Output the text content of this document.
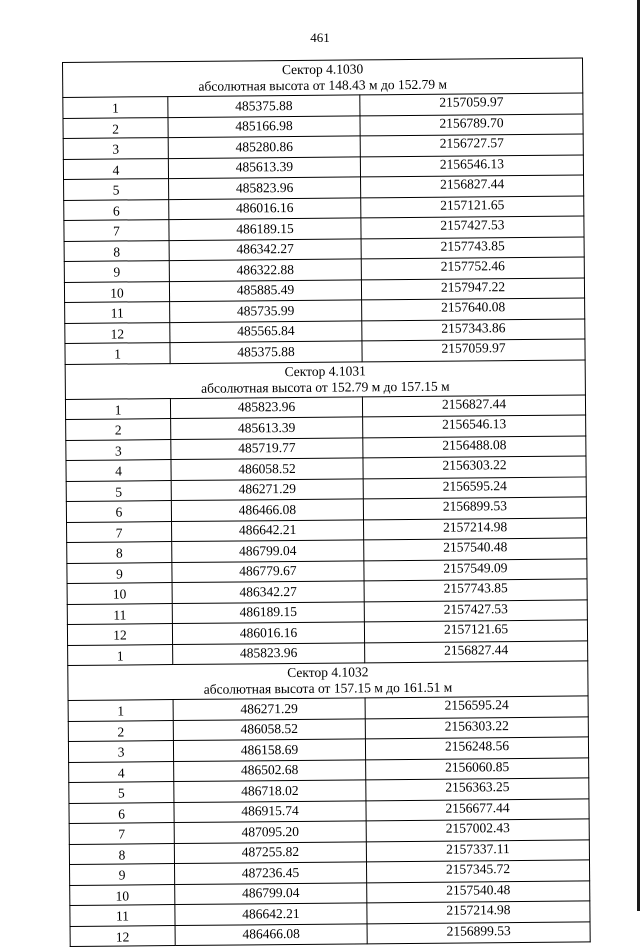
461
Сектор 4.1030
абсолютная высота от 148.43 м до 152.79 м		

1	485375.88	2157059.97
2	485166.98	2156789.70
3	485280.86	2156727.57
4	485613.39	2156546.13
5	485823.96	2156827.44
6	486016.16	2157121.65
7	486189.15	2157427.53
8	486342.27	2157743.85
9	486322.88	2157752.46
10	485885.49	2157947.22
11	485735.99	2157640.08
12	485565.84	2157343.86
1	485375.88	2157059.97

Сектор 4.1031
абсолютная высота от 152.79 м до 157.15 м		

1	485823.96	2156827.44
2	485613.39	2156546.13
3	485719.77	2156488.08
4	486058.52	2156303.22
5	486271.29	2156595.24
6	486466.08	2156899.53
7	486642.21	2157214.98
8	486799.04	2157540.48
9	486779.67	2157549.09
10	486342.27	2157743.85
11	486189.15	2157427.53
12	486016.16	2157121.65
1	485823.96	2156827.44

Сектор 4.1032
абсолютная высота от 157.15 м до 161.51 м		

1	486271.29	2156595.24
2	486058.52	2156303.22
3	486158.69	2156248.56
4	486502.68	2156060.85
5	486718.02	2156363.25
6	486915.74	2156677.44
7	487095.20	2157002.43
8	487255.82	2157337.11
9	487236.45	2157345.72
10	486799.04	2157540.48
11	486642.21	2157214.98
12	486466.08	2156899.53
